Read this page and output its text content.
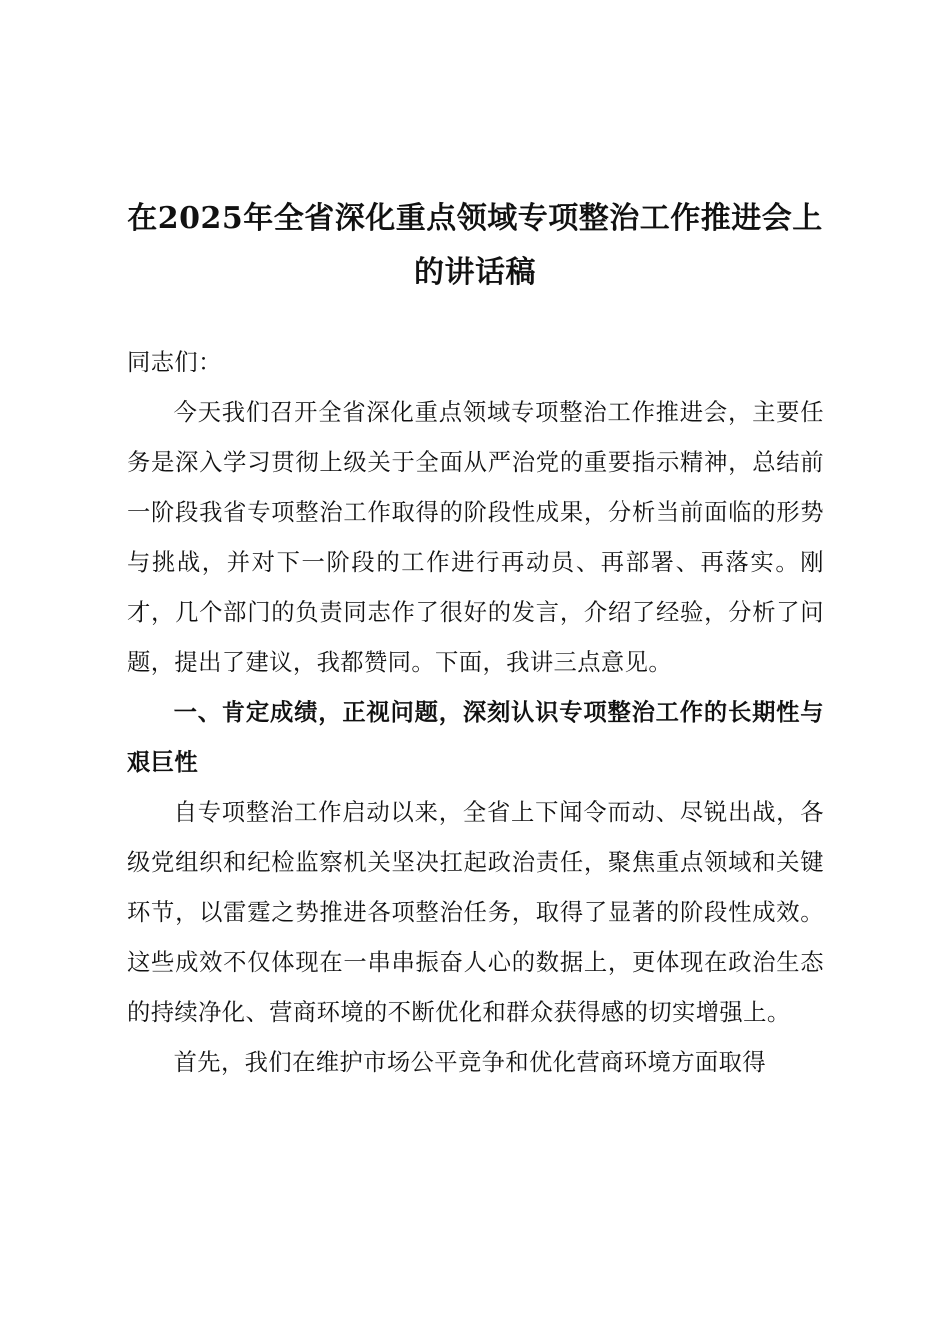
在2025年全省深化重点领域专项整治工作推进会上的讲话稿

同志们：

今天我们召开全省深化重点领域专项整治工作推进会，主要任务是深入学习贯彻上级关于全面从严治党的重要指示精神，总结前一阶段我省专项整治工作取得的阶段性成果，分析当前面临的形势与挑战，并对下一阶段的工作进行再动员、再部署、再落实。刚才，几个部门的负责同志作了很好的发言，介绍了经验，分析了问题，提出了建议，我都赞同。下面，我讲三点意见。

一、肯定成绩，正视问题，深刻认识专项整治工作的长期性与艰巨性

自专项整治工作启动以来，全省上下闻令而动、尽锐出战，各级党组织和纪检监察机关坚决扛起政治责任，聚焦重点领域和关键环节，以雷霆之势推进各项整治任务，取得了显著的阶段性成效。这些成效不仅体现在一串串振奋人心的数据上，更体现在政治生态的持续净化、营商环境的不断优化和群众获得感的切实增强上。

首先，我们在维护市场公平竞争和优化营商环境方面取得
